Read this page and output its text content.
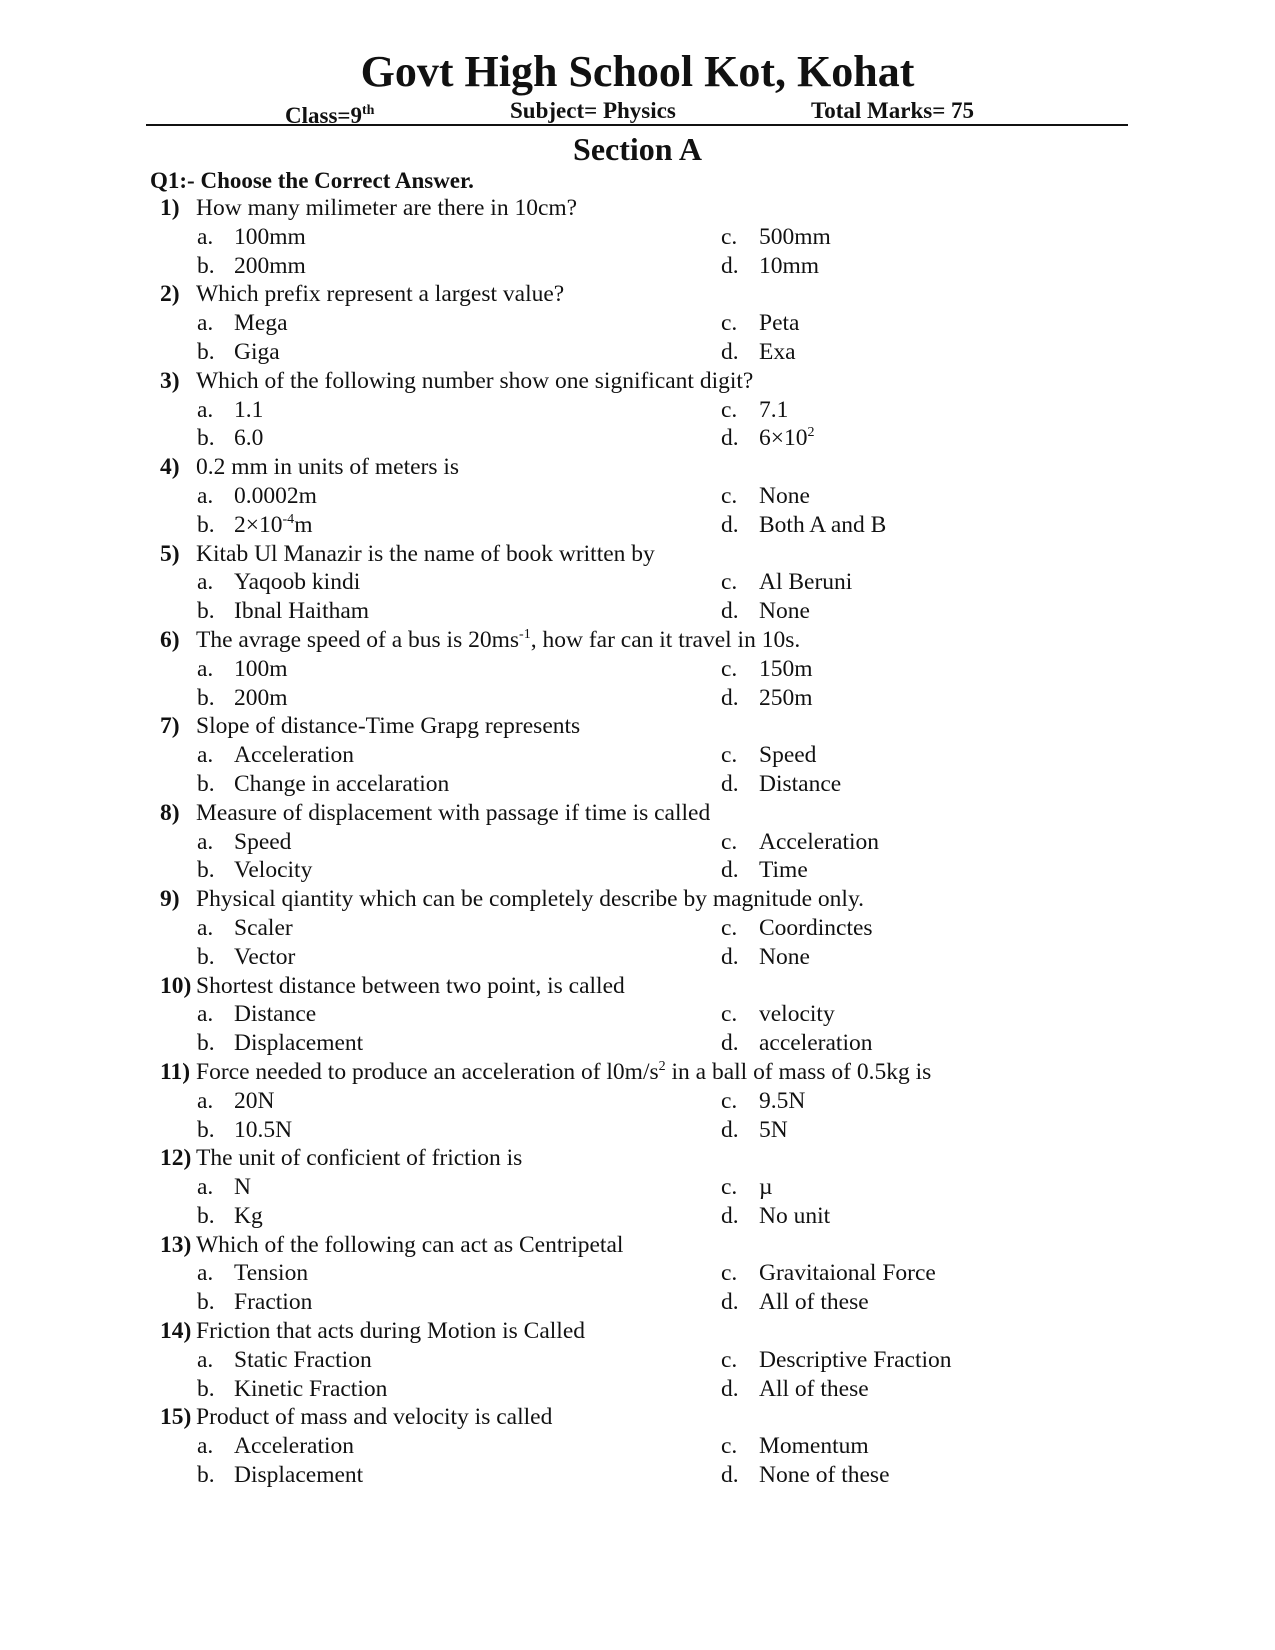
Govt High School Kot, Kohat
Class=9th	Subject= Physics	Total Marks= 75
Section A
Q1:- Choose the Correct Answer.
1) How many milimeter are there in 10cm?
a. 100mm	c. 500mm
b. 200mm	d. 10mm
2) Which prefix represent a largest value?
a. Mega	c. Peta
b. Giga	d. Exa
3) Which of the following number show one significant digit?
a. 1.1	c. 7.1
b. 6.0	d. $6\times 10^2$
4) 0.2 mm in units of meters is
a. 0.0002m	c. None
b. $2\times 10^{-4}m$	d. Both A and B
5) Kitab Ul Manazir is the name of book written by
a. Yaqoob kindi	c. Al Beruni
b. Ibnal Haitham	d. None
6) The avrage speed of a bus is $20ms^{-1}$, how far can it travel in 10s.
a. 100m	c. 150m
b. 200m	d. 250m
7) Slope of distance-Time Grapg represents
a. Acceleration	c. Speed
b. Change in accelaration	d. Distance
8) Measure of displacement with passage if time is called
a. Speed	c. Acceleration
b. Velocity	d. Time
9) Physical qiantity which can be completely describe by magnitude only.
a. Scaler	c. Coordinctes
b. Vector	d. None
10) Shortest distance between two point, is called
a. Distance	c. velocity
b. Displacement	d. acceleration
11) Force needed to produce an acceleration of $l0m/s^2$ in a ball of mass of 0.5kg is
a. 20N	c. 9.5N
b. 10.5N	d. 5N
12) The unit of conficient of friction is
a. N	c. µ
b. Kg	d. No unit
13) Which of the following can act as Centripetal
a. Tension	c. Gravitaional Force
b. Fraction	d. All of these
14) Friction that acts during Motion is Called
a. Static Fraction	c. Descriptive Fraction
b. Kinetic Fraction	d. All of these
15) Product of mass and velocity is called
a. Acceleration	c. Momentum
b. Displacement	d. None of these
